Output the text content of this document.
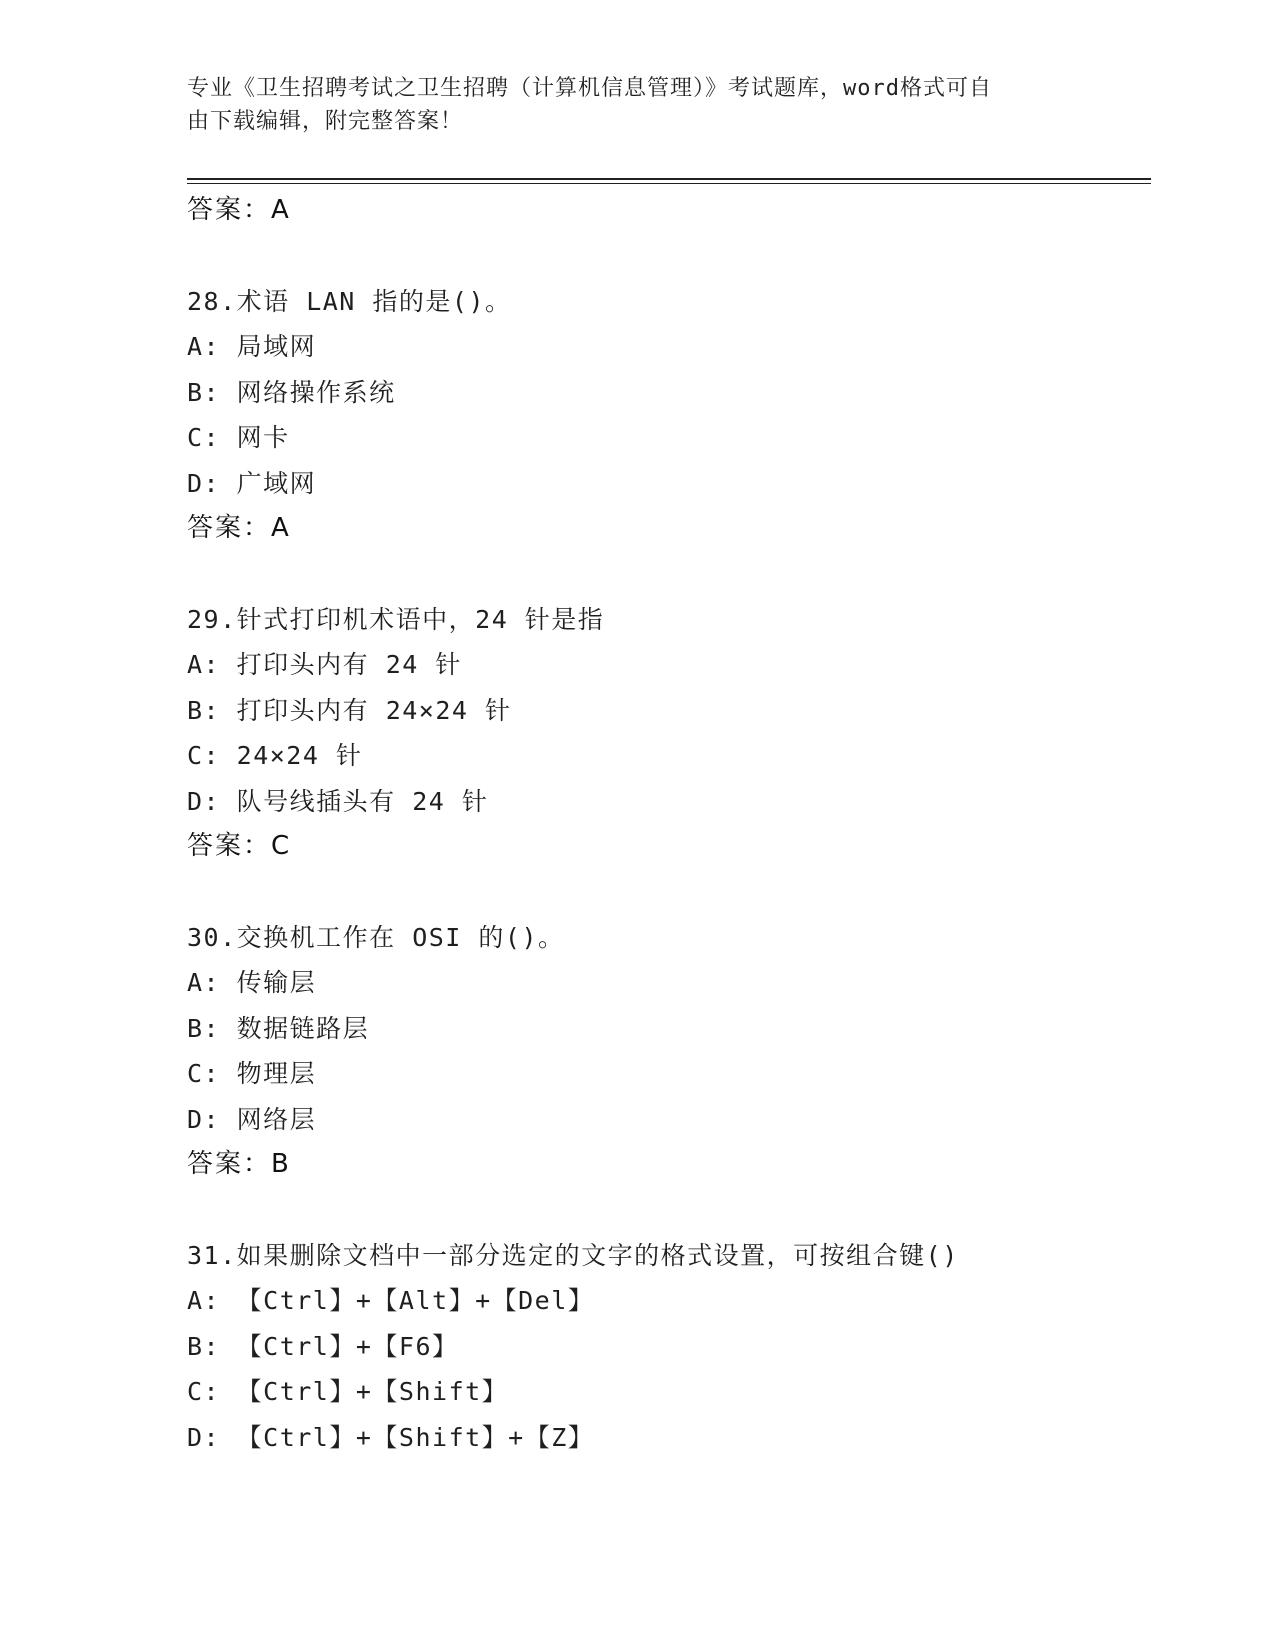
专业《卫生招聘考试之卫生招聘（计算机信息管理）》考试题库，word格式可自
由下载编辑，附完整答案！
答案：A
28.术语 LAN 指的是()。
A: 局域网
B: 网络操作系统
C: 网卡
D: 广域网
答案：A
29.针式打印机术语中，24 针是指
A: 打印头内有 24 针
B: 打印头内有 24×24 针
C: 24×24 针
D: 队号线插头有 24 针
答案：C
30.交换机工作在 OSI 的()。
A: 传输层
B: 数据链路层
C: 物理层
D: 网络层
答案：B
31.如果删除文档中一部分选定的文字的格式设置，可按组合键()
A: 【Ctrl】+【Alt】+【Del】
B: 【Ctrl】+【F6】
C: 【Ctrl】+【Shift】
D: 【Ctrl】+【Shift】+【Z】
